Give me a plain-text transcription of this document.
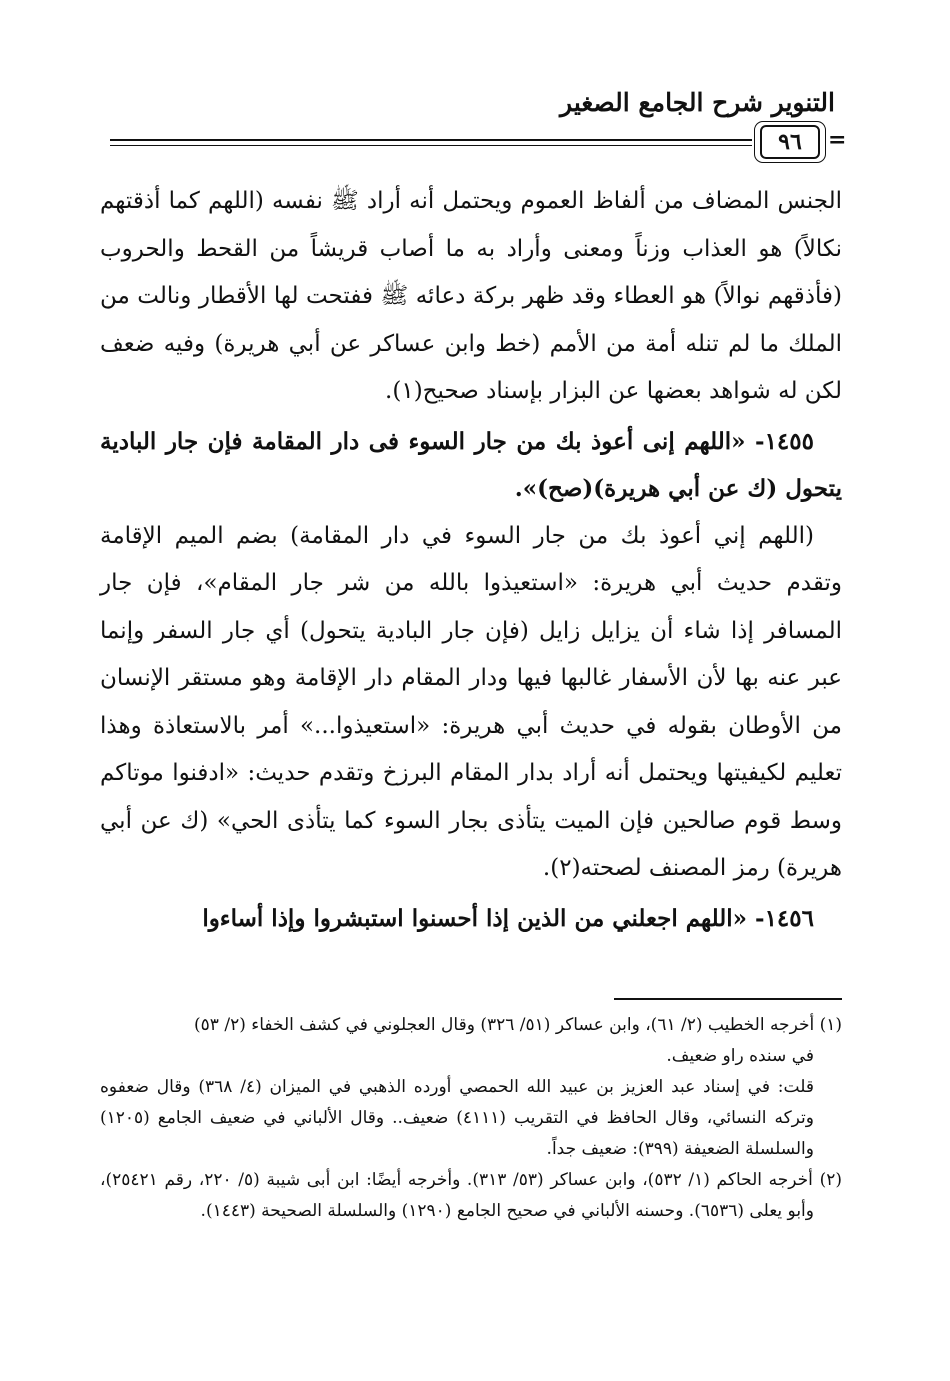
التنوير شرح الجامع الصغير
٩٦	=

الجنس المضاف من ألفاظ العموم ويحتمل أنه أراد ﷺ نفسه (اللهم كما أذقتهم نكالاً) هو العذاب وزناً ومعنى وأراد به ما أصاب قريشاً من القحط والحروب (فأذقهم نوالاً) هو العطاء وقد ظهر بركة دعائه ﷺ ففتحت لها الأقطار ونالت من الملك ما لم تنله أمة من الأمم (خط وابن عساكر عن أبي هريرة) وفيه ضعف لكن له شواهد بعضها عن البزار بإسناد صحيح(١).

١٤٥٥- «اللهم إنى أعوذ بك من جار السوء فى دار المقامة فإن جار البادية يتحول (ك عن أبي هريرة)(صح)».

(اللهم إني أعوذ بك من جار السوء في دار المقامة) بضم الميم الإقامة وتقدم حديث أبي هريرة: «استعيذوا بالله من شر جار المقام»، فإن جار المسافر إذا شاء أن يزايل زايل (فإن جار البادية يتحول) أي جار السفر وإنما عبر عنه بها لأن الأسفار غالبها فيها ودار المقام دار الإقامة وهو مستقر الإنسان من الأوطان بقوله في حديث أبي هريرة: «استعيذوا...» أمر بالاستعاذة وهذا تعليم لكيفيتها ويحتمل أنه أراد بدار المقام البرزخ وتقدم حديث: «ادفنوا موتاكم وسط قوم صالحين فإن الميت يتأذى بجار السوء كما يتأذى الحي» (ك عن أبي هريرة) رمز المصنف لصحته(٢).

١٤٥٦- «اللهم اجعلني من الذين إذا أحسنوا استبشروا وإذا أساءوا

(١) أخرجه الخطيب (٢/ ٦١)، وابن عساكر (٥١/ ٣٢٦) وقال العجلوني في كشف الخفاء (٢/ ٥٣)

في سنده راو ضعيف.

قلت: في إسناد عبد العزيز بن عبيد الله الحمصي أورده الذهبي في الميزان (٤/ ٣٦٨) وقال ضعفوه وتركه النسائي، وقال الحافظ في التقريب (٤١١١) ضعيف.. وقال الألباني في ضعيف الجامع (١٢٠٥) والسلسلة الضعيفة (٣٩٩): ضعيف جداً.

(٢) أخرجه الحاكم (١/ ٥٣٢)، وابن عساكر (٥٣/ ٣١٣). وأخرجه أيضًا: ابن أبى شيبة (٥/ ٢٢٠، رقم ٢٥٤٢١)، وأبو يعلى (٦٥٣٦). وحسنه الألباني في صحيح الجامع (١٢٩٠) والسلسلة الصحيحة (١٤٤٣).
